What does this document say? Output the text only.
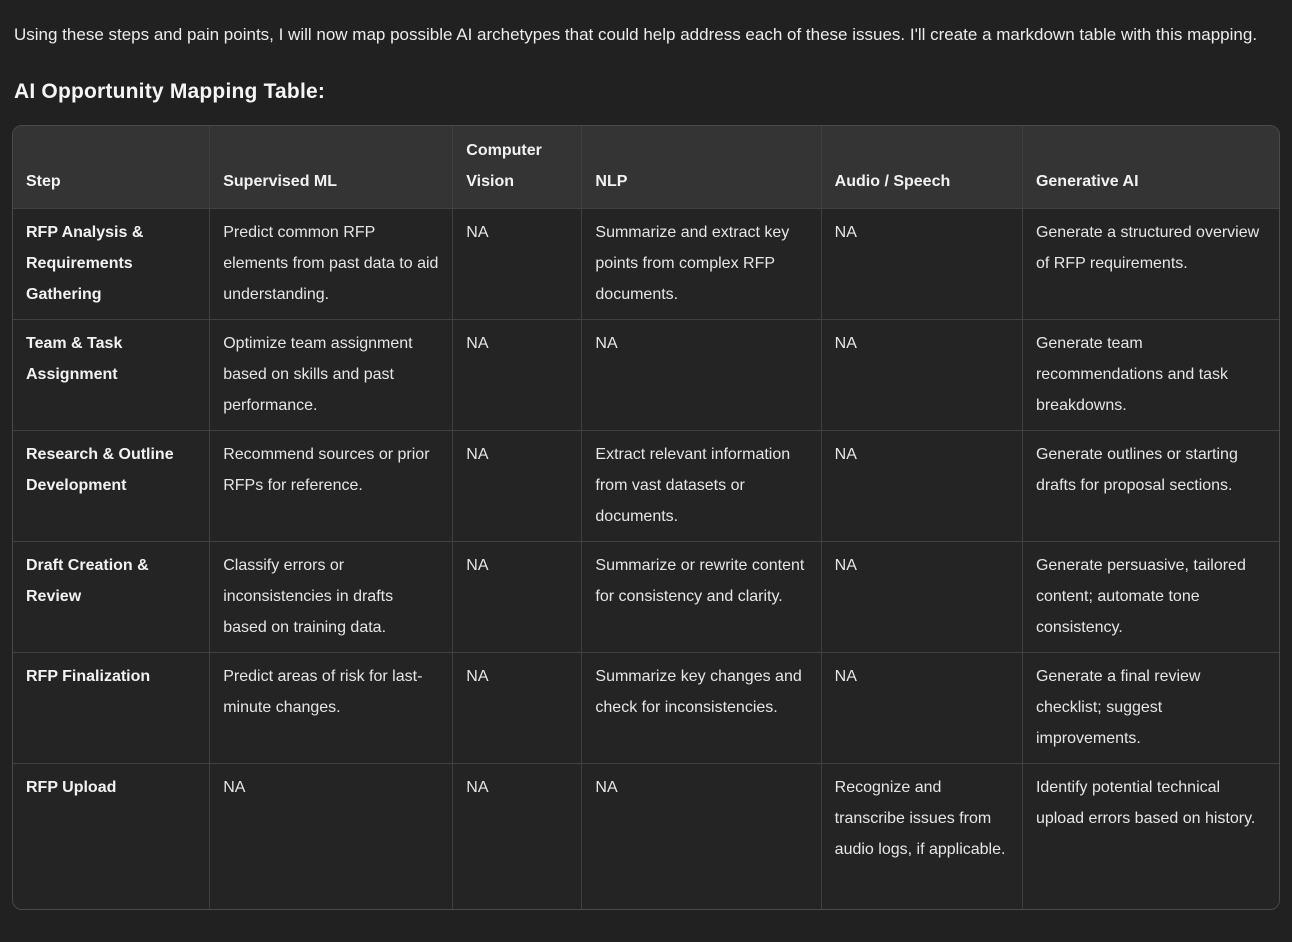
Using these steps and pain points, I will now map possible AI archetypes that could help address each of these issues. I'll create a markdown table with this mapping.

AI Opportunity Mapping Table:
Step	Supervised ML	Computer Vision	NLP	Audio / Speech	Generative AI
RFP Analysis & Requirements Gathering	Predict common RFP elements from past data to aid understanding.	NA	Summarize and extract key points from complex RFP documents.	NA	Generate a structured overview of RFP requirements.
Team & Task Assignment	Optimize team assignment based on skills and past performance.	NA	NA	NA	Generate team recommendations and task breakdowns.
Research & Outline Development	Recommend sources or prior RFPs for reference.	NA	Extract relevant information from vast datasets or documents.	NA	Generate outlines or starting drafts for proposal sections.
Draft Creation & Review	Classify errors or inconsistencies in drafts based on training data.	NA	Summarize or rewrite content for consistency and clarity.	NA	Generate persuasive, tailored content; automate tone consistency.
RFP Finalization	Predict areas of risk for last-minute changes.	NA	Summarize key changes and check for inconsistencies.	NA	Generate a final review checklist; suggest improvements.
RFP Upload	NA	NA	NA	Recognize and transcribe issues from audio logs, if applicable.	Identify potential technical upload errors based on history.
